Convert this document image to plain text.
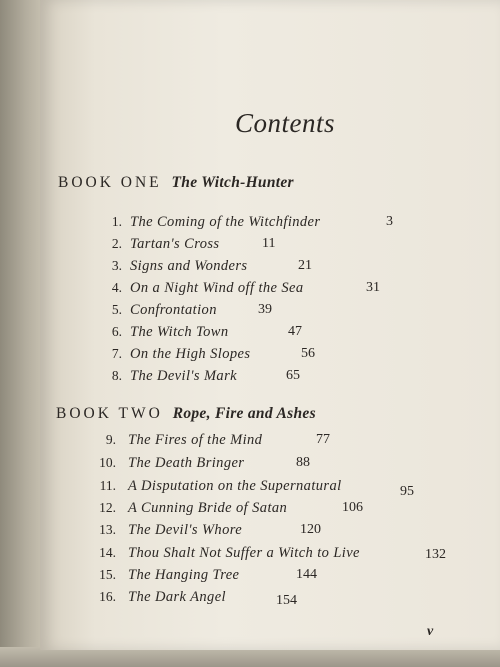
Contents
BOOK ONE The Witch-Hunter
1. The Coming of the Witchfinder	3
2. Tartan's Cross	11
3. Signs and Wonders	21
4. On a Night Wind off the Sea	31
5. Confrontation	39
6. The Witch Town	47
7. On the High Slopes	56
8. The Devil's Mark	65
BOOK TWO Rope, Fire and Ashes
9. The Fires of the Mind	77
10. The Death Bringer	88
11. A Disputation on the Supernatural	95
12. A Cunning Bride of Satan	106
13. The Devil's Whore	120
14. Thou Shalt Not Suffer a Witch to Live	132
15. The Hanging Tree	144
16. The Dark Angel	154
v
